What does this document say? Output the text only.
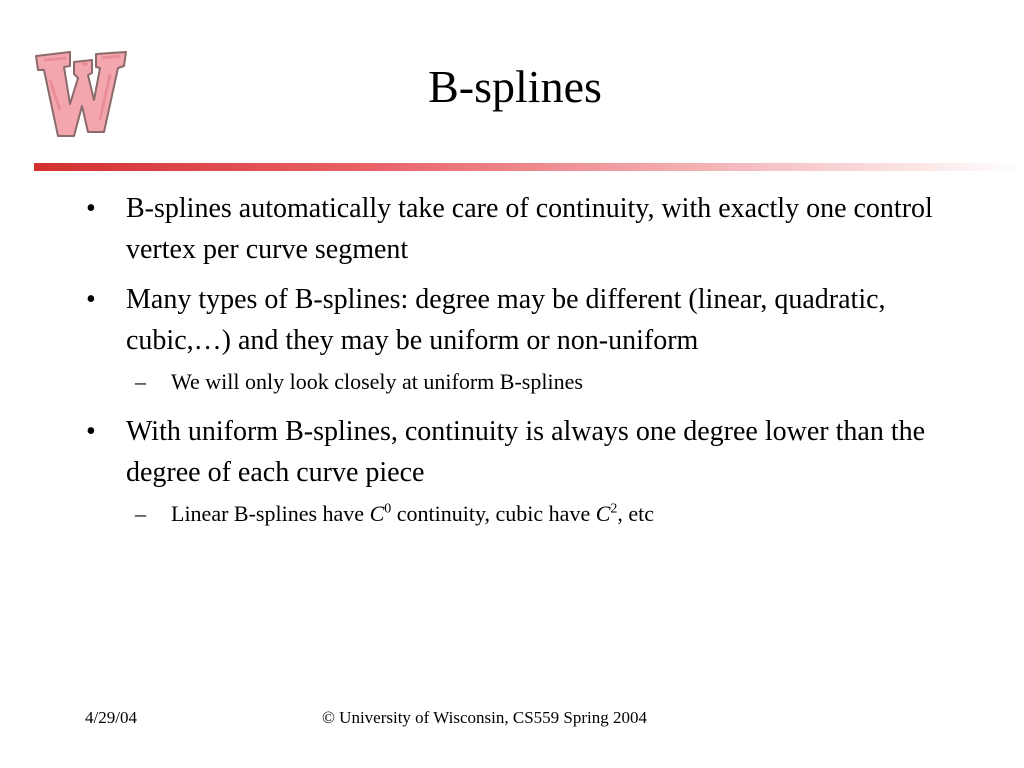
B-splines
• B-splines automatically take care of continuity, with exactly one control vertex per curve segment
• Many types of B-splines: degree may be different (linear, quadratic, cubic,…) and they may be uniform or non-uniform
– We will only look closely at uniform B-splines
• With uniform B-splines, continuity is always one degree lower than the degree of each curve piece
– Linear B-splines have $C^0$ continuity, cubic have $C^2$, etc
4/29/04	© University of Wisconsin, CS559 Spring 2004
